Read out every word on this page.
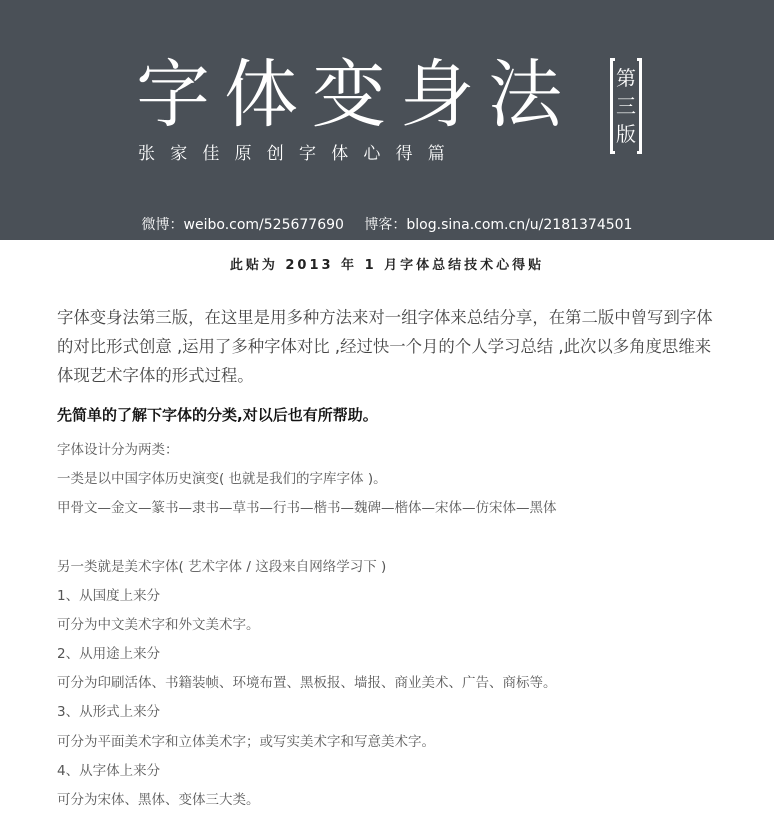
字体变身法 第三版
张家佳原创字体心得篇
微博：weibo.com/525677690 博客：blog.sina.com.cn/u/2181374501
此贴为 2013 年 1 月字体总结技术心得贴
字体变身法第三版，在这里是用多种方法来对一组字体来总结分享，在第二版中曾写到字体
的对比形式创意 ,运用了多种字体对比 ,经过快一个月的个人学习总结 ,此次以多角度思维来
体现艺术字体的形式过程。
先简单的了解下字体的分类,对以后也有所帮助。
字体设计分为两类：
一类是以中国字体历史演变( 也就是我们的字库字体 )。
甲骨文—金文—篆书—隶书—草书—行书—楷书—魏碑—楷体—宋体—仿宋体—黑体
另一类就是美术字体( 艺术字体 / 这段来自网络学习下 )
1、从国度上来分
可分为中文美术字和外文美术字。
2、从用途上来分
可分为印刷活体、书籍装帧、环境布置、黑板报、墙报、商业美术、广告、商标等。
3、从形式上来分
可分为平面美术字和立体美术字；或写实美术字和写意美术字。
4、从字体上来分
可分为宋体、黑体、变体三大类。
